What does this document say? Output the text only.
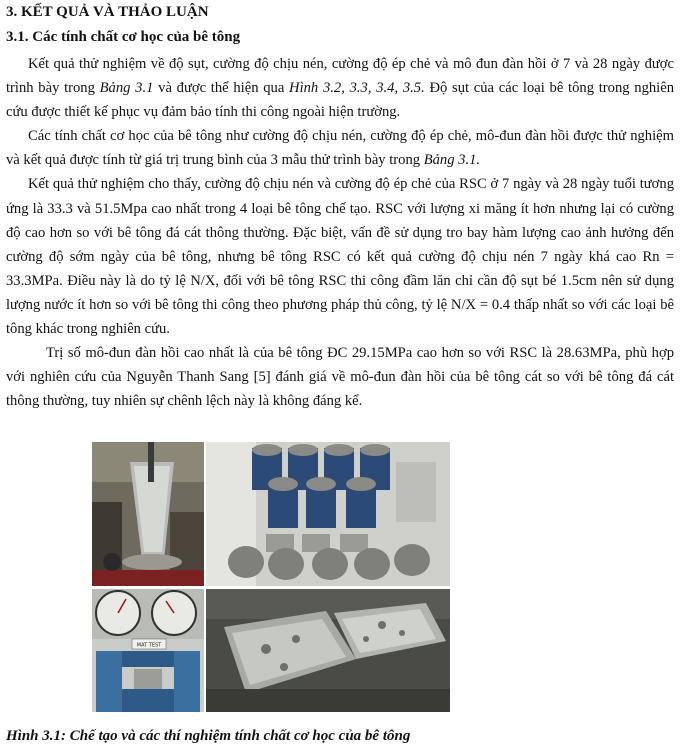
3. KẾT QUẢ VÀ THẢO LUẬN
3.1. Các tính chất cơ học của bê tông

Kết quả thử nghiệm về độ sụt, cường độ chịu nén, cường độ ép chẻ và mô đun đàn hồi ở 7 và 28 ngày được trình bày trong Bảng 3.1 và được thể hiện qua Hình 3.2, 3.3, 3.4, 3.5. Độ sụt của các loại bê tông trong nghiên cứu được thiết kế phục vụ đảm bảo tính thi công ngoài hiện trường.

Các tính chất cơ học của bê tông như cường độ chịu nén, cường độ ép chẻ, mô-đun đàn hồi được thử nghiệm và kết quả được tính từ giá trị trung bình của 3 mẫu thử trình bày trong Bảng 3.1.

Kết quả thử nghiệm cho thấy, cường độ chịu nén và cường độ ép chẻ của RSC ở 7 ngày và 28 ngày tuổi tương ứng là 33.3 và 51.5Mpa cao nhất trong 4 loại bê tông chế tạo. RSC với lượng xi măng ít hơn nhưng lại có cường độ cao hơn so với bê tông đá cát thông thường. Đặc biệt, vấn đề sử dụng tro bay hàm lượng cao ảnh hưởng đến cường độ sớm ngày của bê tông, nhưng bê tông RSC có kết quả cường độ chịu nén 7 ngày khá cao Rn = 33.3MPa. Điều này là do tỷ lệ N/X, đối với bê tông RSC thi công đầm lăn chỉ cần độ sụt bé 1.5cm nên sử dụng lượng nước ít hơn so với bê tông thi công theo phương pháp thủ công, tỷ lệ N/X = 0.4 thấp nhất so với các loại bê tông khác trong nghiên cứu.

Trị số mô-đun đàn hồi cao nhất là của bê tông ĐC 29.15MPa cao hơn so với RSC là 28.63MPa, phù hợp với nghiên cứu của Nguyễn Thanh Sang [5] đánh giá về mô-đun đàn hồi của bê tông cát so với bê tông đá cát thông thường, tuy nhiên sự chênh lệch này là không đáng kể.

MAT TEST
Hình 3.1: Chế tạo và các thí nghiệm tính chất cơ học của bê tông
